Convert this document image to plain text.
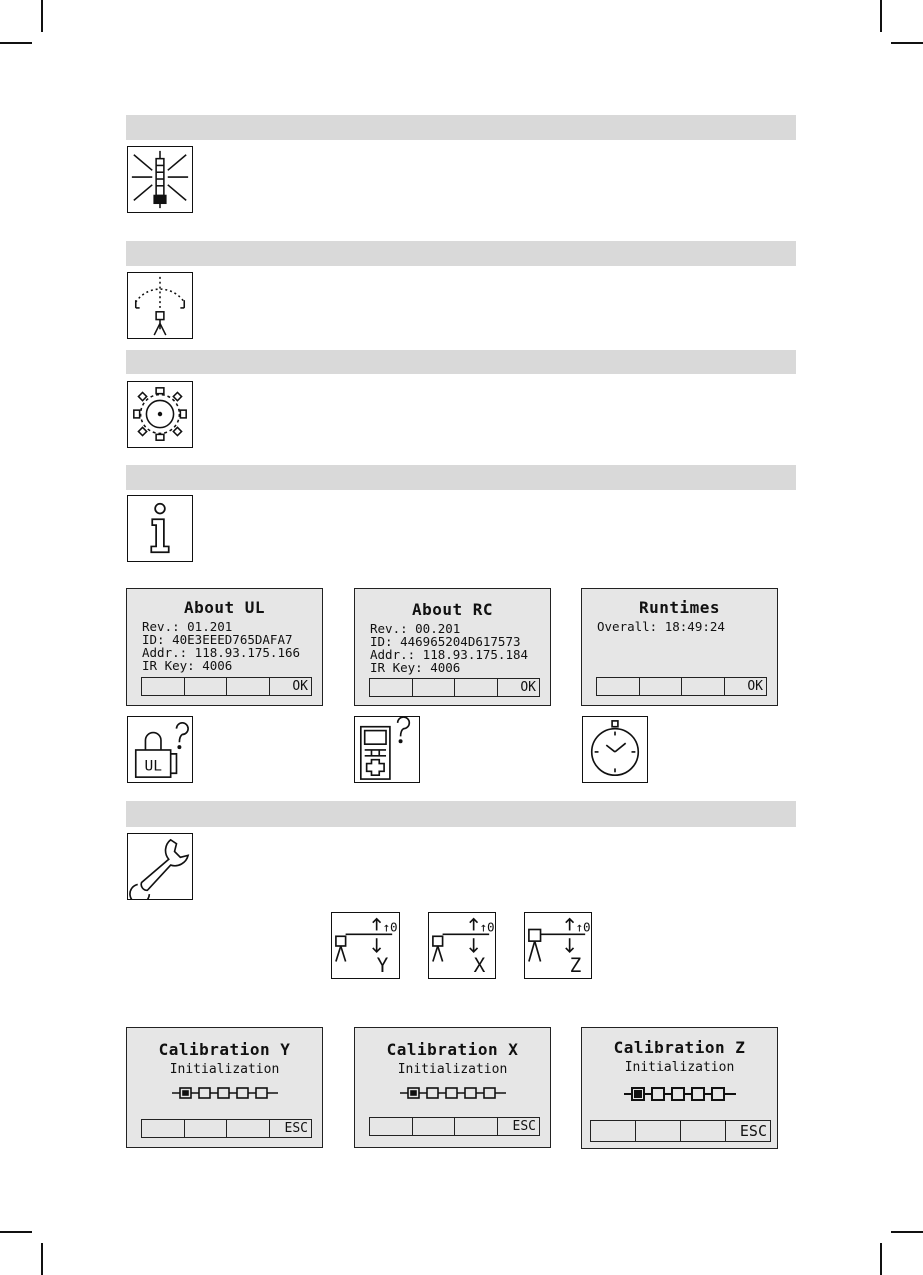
About UL
Rev.: 01.201
ID: 40E3EEED765DAFA7
Addr.: 118.93.175.166
IR Key: 4006
OK
About RC
Rev.: 00.201
ID: 446965204D617573
Addr.: 118.93.175.184
IR Key: 4006
OK
Runtimes
Overall: 18:49:24
OK
UL
↑0
Y
↑0
X
↑0
Z
Calibration Y
Initialization
ESC
Calibration X
Initialization
ESC
Calibration Z
Initialization
ESC
